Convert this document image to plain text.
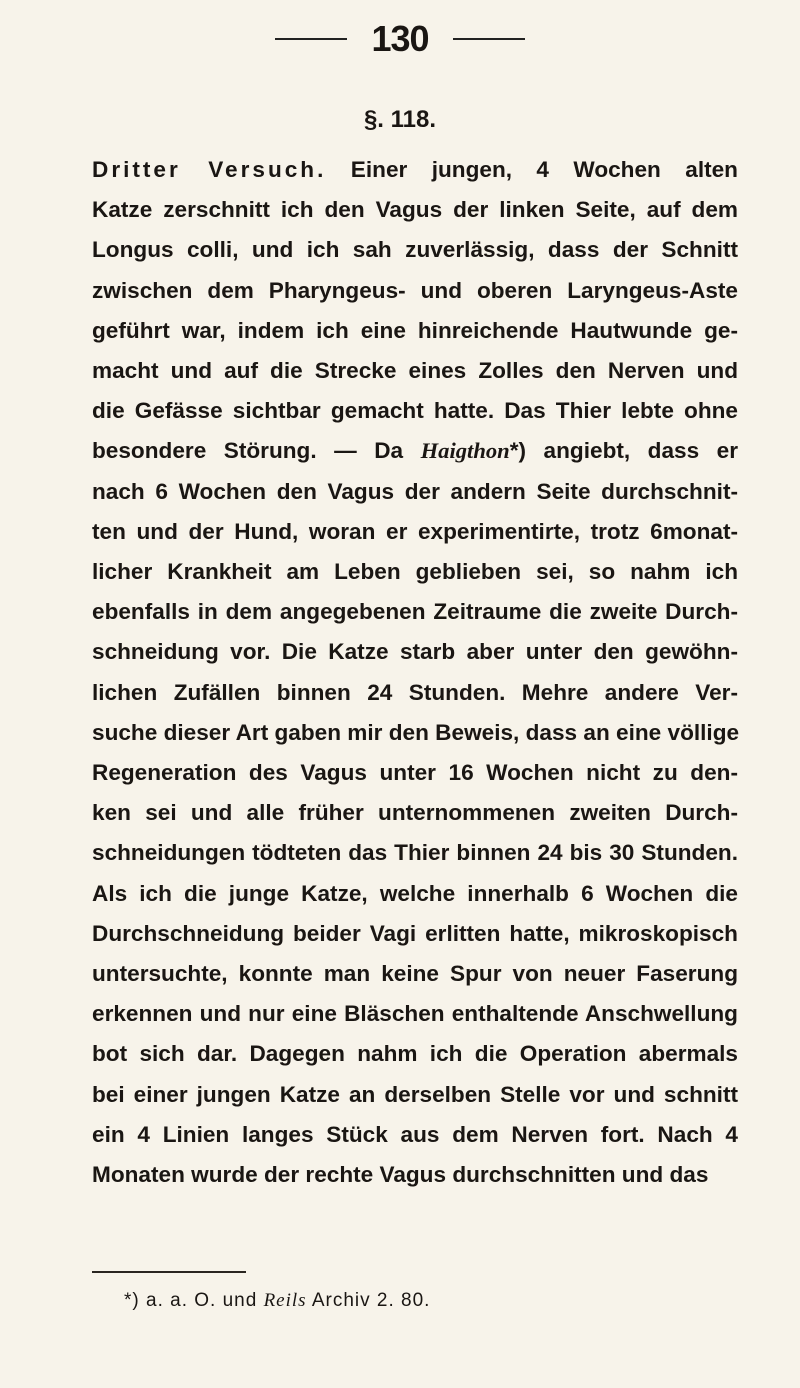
130
§. 118.
Dritter Versuch. Einer jungen, 4 Wochen alten
Katze zerschnitt ich den Vagus der linken Seite, auf dem
Longus colli, und ich sah zuverlässig, dass der Schnitt
zwischen dem Pharyngeus- und oberen Laryngeus-Aste
geführt war, indem ich eine hinreichende Hautwunde ge-
macht und auf die Strecke eines Zolles den Nerven und
die Gefässe sichtbar gemacht hatte. Das Thier lebte ohne
besondere Störung. — Da Haigthon*) angiebt, dass er
nach 6 Wochen den Vagus der andern Seite durchschnit-
ten und der Hund, woran er experimentirte, trotz 6monat-
licher Krankheit am Leben geblieben sei, so nahm ich
ebenfalls in dem angegebenen Zeitraume die zweite Durch-
schneidung vor. Die Katze starb aber unter den gewöhn-
lichen Zufällen binnen 24 Stunden. Mehre andere Ver-
suche dieser Art gaben mir den Beweis, dass an eine völlige
Regeneration des Vagus unter 16 Wochen nicht zu den-
ken sei und alle früher unternommenen zweiten Durch-
schneidungen tödteten das Thier binnen 24 bis 30 Stunden.
Als ich die junge Katze, welche innerhalb 6 Wochen die
Durchschneidung beider Vagi erlitten hatte, mikroskopisch
untersuchte, konnte man keine Spur von neuer Faserung
erkennen und nur eine Bläschen enthaltende Anschwellung
bot sich dar. Dagegen nahm ich die Operation abermals
bei einer jungen Katze an derselben Stelle vor und schnitt
ein 4 Linien langes Stück aus dem Nerven fort. Nach 4
Monaten wurde der rechte Vagus durchschnitten und das
*) a. a. O. und Reils Archiv 2. 80.
